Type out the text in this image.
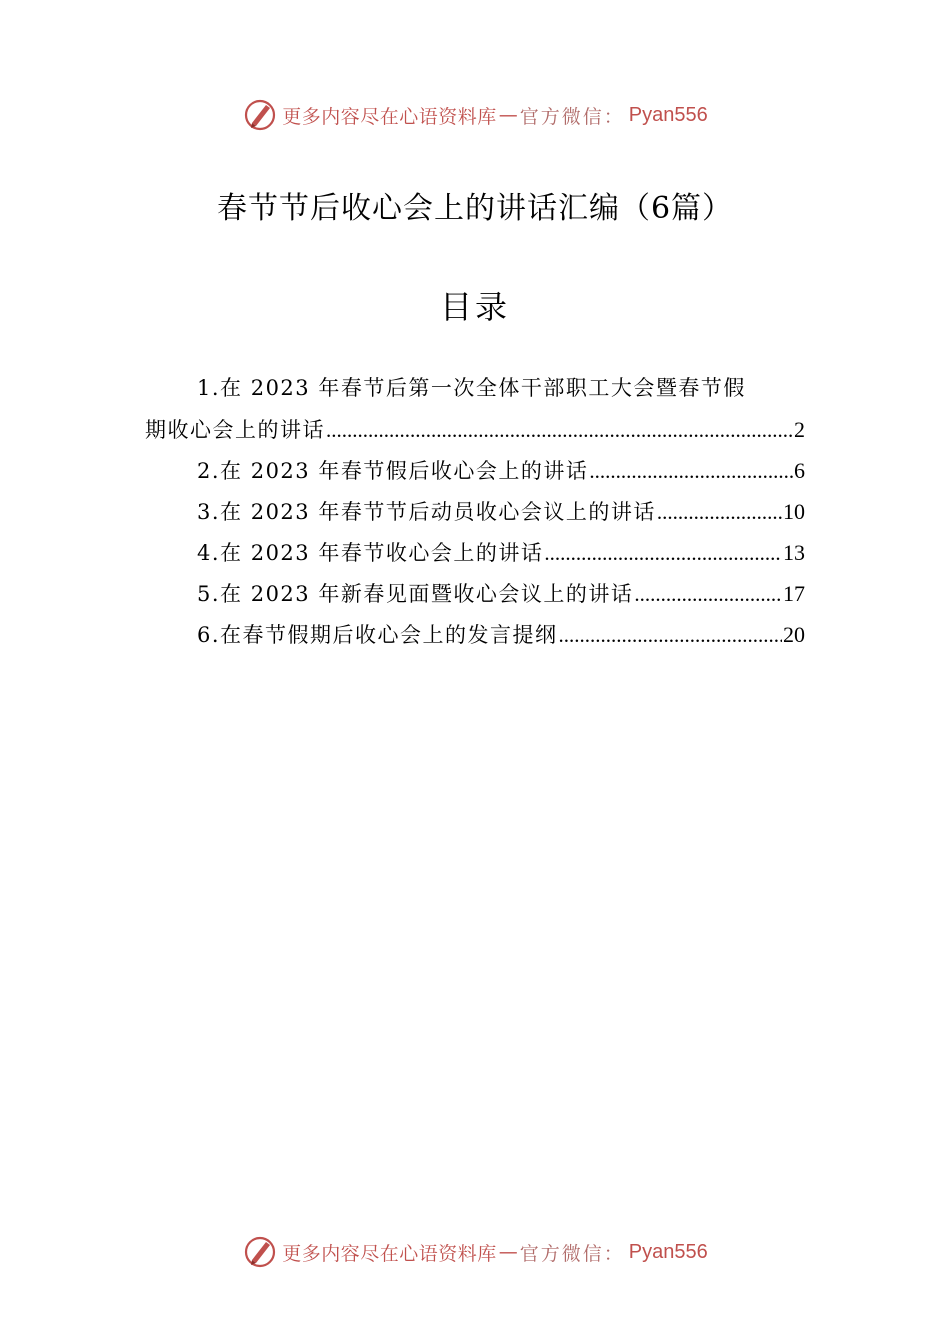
更多内容尽在心语资料库 — 官方微信： Pyan556
春节节后收心会上的讲话汇编（6篇）
目录
1.在 2023 年春节后第一次全体干部职工大会暨春节假
期收心会上的讲话 .....	2
2.在 2023 年春节假后收心会上的讲话 .....	6
3.在 2023 年春节节后动员收心会议上的讲话 .....	10
4.在 2023 年春节收心会上的讲话 .....	13
5.在 2023 年新春见面暨收心会议上的讲话 .....	17
6.在春节假期后收心会上的发言提纲 .....	20
更多内容尽在心语资料库 — 官方微信： Pyan556
